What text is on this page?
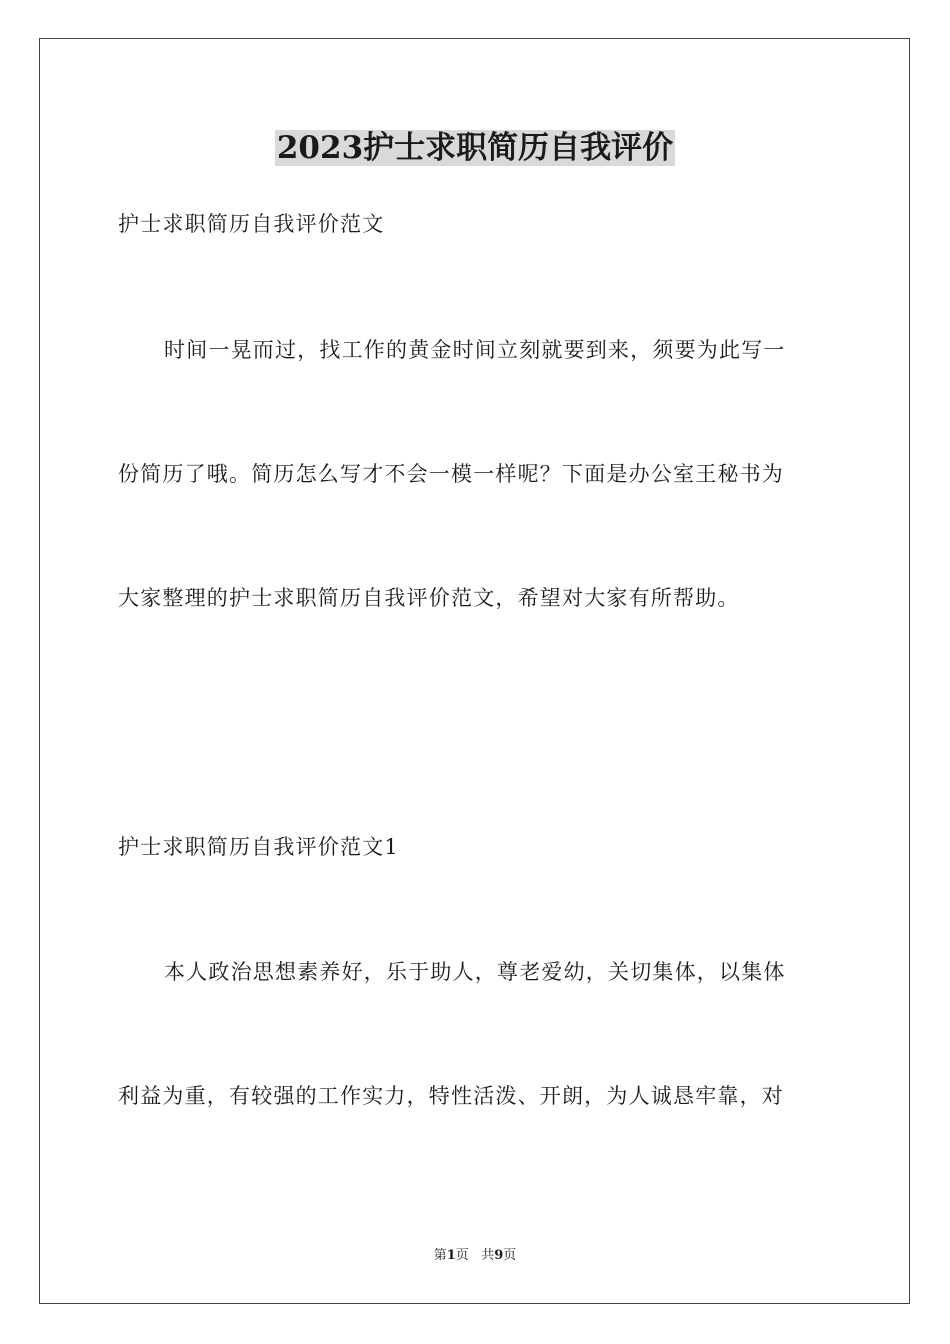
2023护士求职简历自我评价
护士求职简历自我评价范文
时间一晃而过，找工作的黄金时间立刻就要到来，须要为此写一
份简历了哦。简历怎么写才不会一模一样呢？下面是办公室王秘书为
大家整理的护士求职简历自我评价范文，希望对大家有所帮助。
护士求职简历自我评价范文1
本人政治思想素养好，乐于助人，尊老爱幼，关切集体，以集体
利益为重，有较强的工作实力，特性活泼、开朗，为人诚恳牢靠，对
第1页 共9页
